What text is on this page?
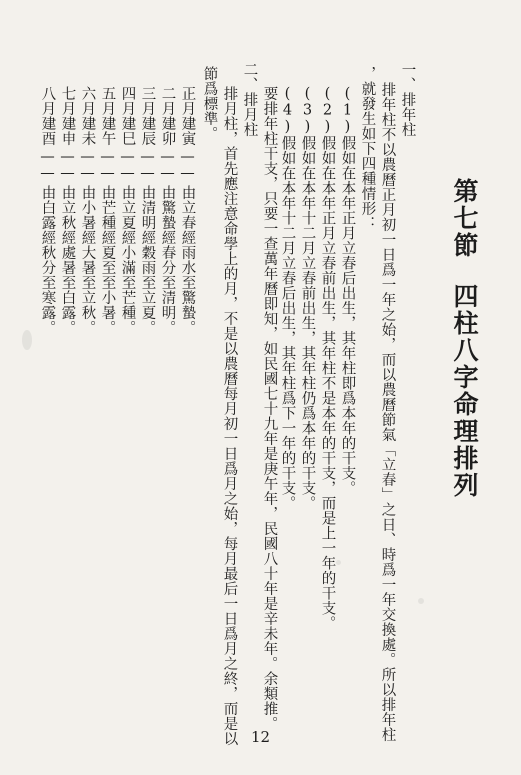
第七節四柱八字命理排列
一、排年柱
排年柱不以農曆正月初一日爲一年之始，而以農曆節氣「立春」之日、時爲一年交換處。所以排年柱
，就發生如下四種情形：
(1)假如在本年正月立春后出生，其年柱即爲本年的干支。
(2)假如在本年正月立春前出生，其年柱不是本年的干支，而是上一年的干支。
(3)假如在本年十二月立春前出生，其年柱仍爲本年的干支。
(4)假如在本年十二月立春后出生，其年柱爲下一年的干支。
要排年柱干支，只要一查萬年曆即知，如民國七十九年是庚午年，民國八十年是辛未年。余類推。
二、排月柱
排月柱，首先應注意命學上的月，不是以農曆每月初一日爲月之始，每月最后一日爲月之終，而是以
節爲標準。
正月建寅——由立春經雨水至驚蟄。
二月建卯——由驚蟄經春分至清明。
三月建辰——由清明經穀雨至立夏。
四月建巳——由立夏經小滿至芒種。
五月建午——由芒種經夏至至小暑。
六月建未——由小暑經大暑至立秋。
七月建申——由立秋經處暑至白露。
八月建酉——由白露經秋分至寒露。
12
